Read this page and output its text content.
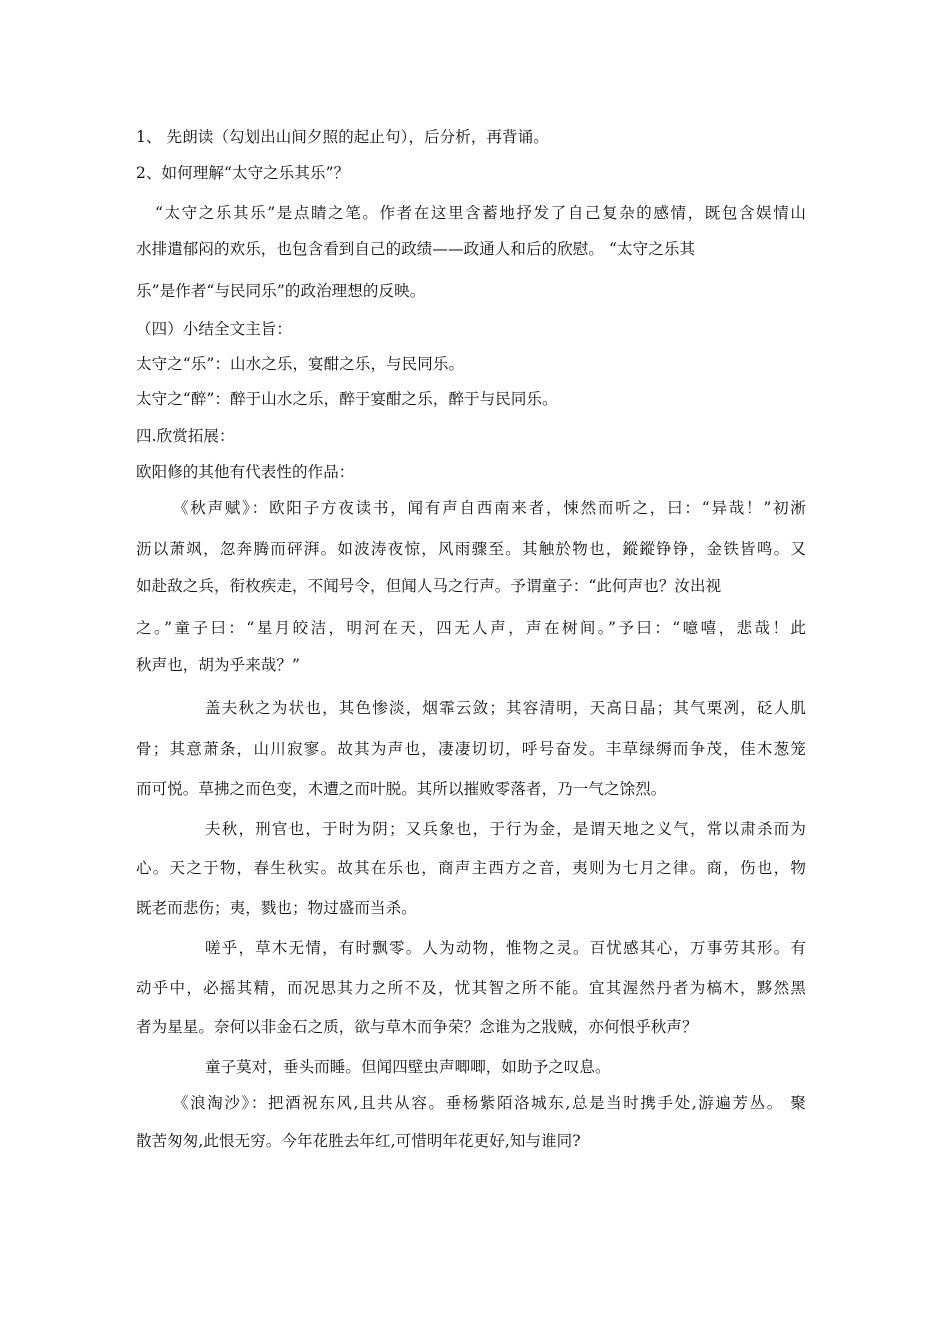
1、 先朗读（勾划出山间夕照的起止句），后分析，再背诵。
2、如何理解“太守之乐其乐”？
“太守之乐其乐”是点睛之笔。作者在这里含蓄地抒发了自己复杂的感情，既包含娱情山
水排遣郁闷的欢乐，也包含看到自己的政绩——政通人和后的欣慰。 “太守之乐其
乐”是作者“与民同乐”的政治理想的反映。
（四）小结全文主旨：
太守之“乐”：山水之乐，宴酣之乐，与民同乐。
太守之“醉”：醉于山水之乐，醉于宴酣之乐，醉于与民同乐。
四.欣赏拓展：
欧阳修的其他有代表性的作品：
《秋声赋》：欧阳子方夜读书，闻有声自西南来者，悚然而听之，曰：“异哉！”初淅
沥以萧飒，忽奔腾而砰湃。如波涛夜惊，风雨骤至。其触於物也，鏦鏦铮铮，金铁皆鸣。又
如赴敌之兵，衔枚疾走，不闻号令，但闻人马之行声。予谓童子：“此何声也？汝出视
之。”童子曰：“星月皎洁，明河在天，四无人声，声在树间。”予曰：“噫嘻，悲哉！此
秋声也，胡为乎来哉？”
盖夫秋之为状也，其色惨淡，烟霏云敛；其容清明，天高日晶；其气栗冽，砭人肌
骨；其意萧条，山川寂寥。故其为声也，凄凄切切，呼号奋发。丰草绿缛而争茂，佳木葱笼
而可悦。草拂之而色变，木遭之而叶脱。其所以摧败零落者，乃一气之馀烈。
夫秋，刑官也，于时为阴；又兵象也，于行为金，是谓天地之义气，常以肃杀而为
心。天之于物，春生秋实。故其在乐也，商声主西方之音，夷则为七月之律。商，伤也，物
既老而悲伤；夷，戮也；物过盛而当杀。
嗟乎，草木无情，有时飘零。人为动物，惟物之灵。百忧感其心，万事劳其形。有
动乎中，必摇其精，而况思其力之所不及，忧其智之所不能。宜其渥然丹者为槁木，黟然黑
者为星星。奈何以非金石之质，欲与草木而争荣？念谁为之戕贼，亦何恨乎秋声？
童子莫对，垂头而睡。但闻四壁虫声唧唧，如助予之叹息。
《浪淘沙》：把酒祝东风,且共从容。垂杨紫陌洛城东,总是当时携手处,游遍芳丛。 聚
散苦匆匆,此恨无穷。今年花胜去年红,可惜明年花更好,知与谁同?
